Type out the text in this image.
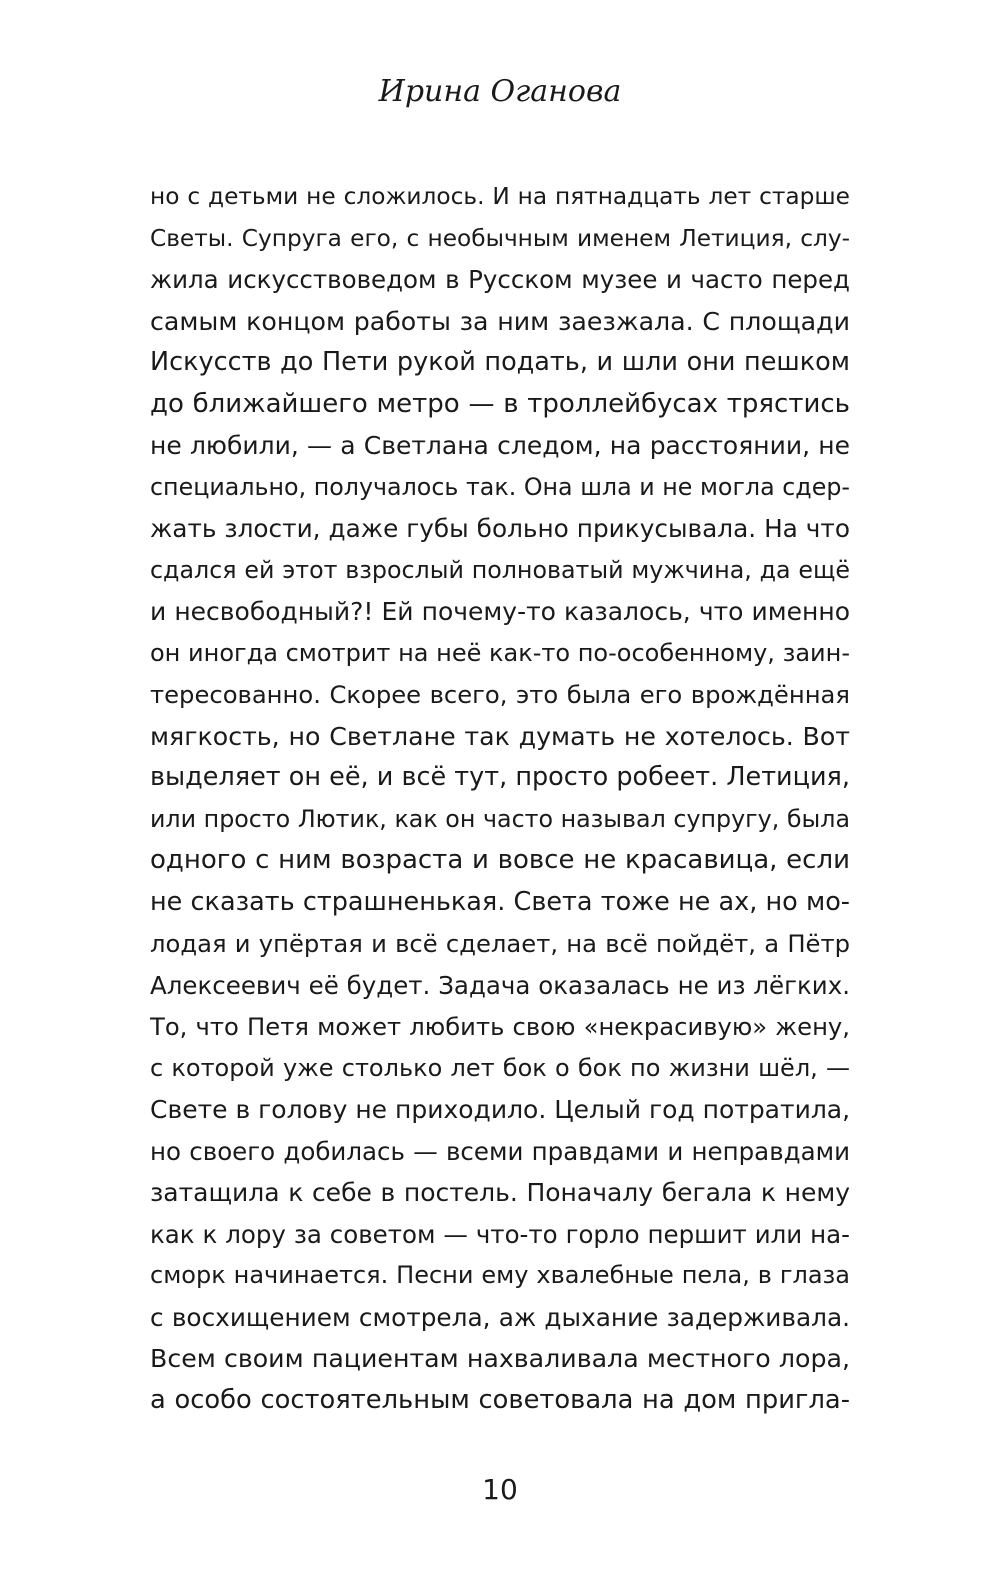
Ирина Оганова
но с детьми не сложилось. И на пятнадцать лет старше
Светы. Супруга его, с необычным именем Летиция, слу-
жила искусствоведом в Русском музее и часто перед
самым концом работы за ним заезжала. С площади
Искусств до Пети рукой подать, и шли они пешком
до ближайшего метро — в троллейбусах трястись
не любили, — а Светлана следом, на расстоянии, не
специально, получалось так. Она шла и не могла сдер-
жать злости, даже губы больно прикусывала. На что
сдался ей этот взрослый полноватый мужчина, да ещё
и несвободный?! Ей почему-то казалось, что именно
он иногда смотрит на неё как-то по-особенному, заин-
тересованно. Скорее всего, это была его врождённая
мягкость, но Светлане так думать не хотелось. Вот
выделяет он её, и всё тут, просто робеет. Летиция,
или просто Лютик, как он часто называл супругу, была
одного с ним возраста и вовсе не красавица, если
не сказать страшненькая. Света тоже не ах, но мо-
лодая и упёртая и всё сделает, на всё пойдёт, а Пётр
Алексеевич её будет. Задача оказалась не из лёгких.
То, что Петя может любить свою «некрасивую» жену,
с которой уже столько лет бок о бок по жизни шёл, —
Свете в голову не приходило. Целый год потратила,
но своего добилась — всеми правдами и неправдами
затащила к себе в постель. Поначалу бегала к нему
как к лору за советом — что-то горло першит или на-
сморк начинается. Песни ему хвалебные пела, в глаза
с восхищением смотрела, аж дыхание задерживала.
Всем своим пациентам нахваливала местного лора,
а особо состоятельным советовала на дом пригла-
10
